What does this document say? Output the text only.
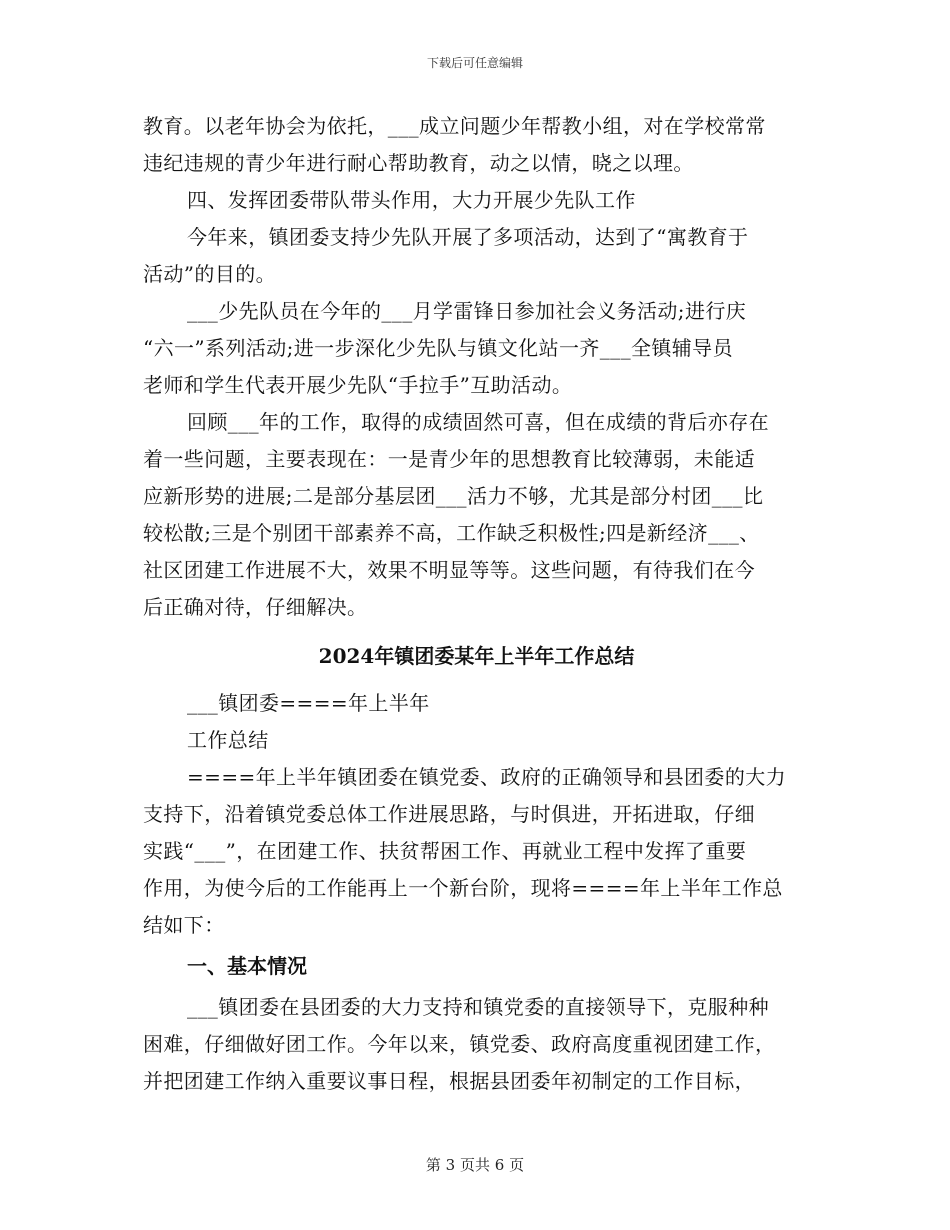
下载后可任意编辑
教育。以老年协会为依托，___成立问题少年帮教小组，对在学校常常
违纪违规的青少年进行耐心帮助教育，动之以情，晓之以理。
四、发挥团委带队带头作用，大力开展少先队工作
今年来，镇团委支持少先队开展了多项活动，达到了“寓教育于
活动”的目的。
___少先队员在今年的___月学雷锋日参加社会义务活动;进行庆
“六一”系列活动;进一步深化少先队与镇文化站一齐___全镇辅导员
老师和学生代表开展少先队“手拉手”互助活动。
回顾___年的工作，取得的成绩固然可喜，但在成绩的背后亦存在
着一些问题，主要表现在：一是青少年的思想教育比较薄弱，未能适
应新形势的进展;二是部分基层团___活力不够，尤其是部分村团___比
较松散;三是个别团干部素养不高，工作缺乏积极性;四是新经济___、
社区团建工作进展不大，效果不明显等等。这些问题，有待我们在今
后正确对待，仔细解决。
2024年镇团委某年上半年工作总结
___镇团委====年上半年
工作总结
====年上半年镇团委在镇党委、政府的正确领导和县团委的大力
支持下，沿着镇党委总体工作进展思路，与时俱进，开拓进取，仔细
实践“___”，在团建工作、扶贫帮困工作、再就业工程中发挥了重要
作用，为使今后的工作能再上一个新台阶，现将====年上半年工作总
结如下：
一、基本情况
___镇团委在县团委的大力支持和镇党委的直接领导下，克服种种
困难，仔细做好团工作。今年以来，镇党委、政府高度重视团建工作，
并把团建工作纳入重要议事日程，根据县团委年初制定的工作目标，
第 3 页共 6 页
